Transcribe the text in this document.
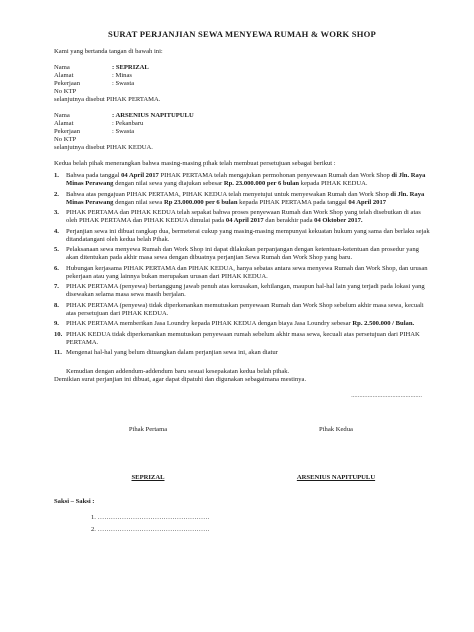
SURAT PERJANJIAN SEWA MENYEWA RUMAH & WORK SHOP

Kami yang bertanda tangan di bawah ini:

Nama	: SEPRIZAL
Alamat	: Minas
Pekerjaan	: Swasta
No KTP

selanjutnya disebut PIHAK PERTAMA.

Nama	: ARSENIUS NAPITUPULU
Alamat	: Pekanbaru
Pekerjaan	: Swasta
No KTP

selanjutnya disebut PIHAK KEDUA.

Kedua belah pihak menerangkan bahwa masing-masing pihak telah membuat persetujuan sebagai berikut :

1.	Bahwa pada tanggal 04 April 2017 PIHAK PERTAMA telah mengajukan permohonan penyewaan Rumah dan Work Shop di Jln. Raya Minas Perawang dengan nilai sewa yang diajukan sebesar Rp. 23.000.000 per 6 bulan kepada PIHAK KEDUA.
2.	Bahwa atas pengajuan PIHAK PERTAMA, PIHAK KEDUA telah menyetujui untuk menyewakan Rumah dan Work Shop di Jln. Raya Minas Perawang dengan nilai sewa Rp 23.000.000 per 6 bulan kepada PIHAK PERTAMA pada tanggal 04 April 2017
3.	PIHAK PERTAMA dan PIHAK KEDUA telah sepakat bahwa proses penyewaan Rumah dan Work Shop yang telah disebutkan di atas oleh PIHAK PERTAMA dan PIHAK KEDUA dimulai pada 04 April 2017 dan berakhir pada 04 Oktober 2017.
4.	Perjanjian sewa ini dibuat rangkap dua, bermeterai cukup yang masing-masing mempunyai kekuatan hukum yang sama dan berlaku sejak ditandatangani oleh kedua belah Pihak.
5.	Pelaksanaan sewa menyewa Rumah dan Work Shop ini dapat dilakukan perpanjangan dengan ketentuan-ketentuan dan prosedur yang akan ditentukan pada akhir masa sewa dengan dibuatnya perjanjian Sewa Rumah dan Work Shop yang baru.
6.	Hubungan kerjasama PIHAK PERTAMA dan PIHAK KEDUA, hanya sebatas antara sewa menyewa Rumah dan Work Shop, dan urusan pekerjaan atau yang lainnya bukan merupakan urusan dari PIHAK KEDUA.
7.	PIHAK PERTAMA (penyewa) bertanggung jawab penuh atas kerusakan, kehilangan, maupun hal-hal lain yang terjadi pada lokasi yang disewakan selama masa sewa masih berjalan.
8.	PIHAK PERTAMA (penyewa) tidak diperkenankan memutuskan penyewaan Rumah dan Work Shop sebelum akhir masa sewa, kecuali atas persetujuan dari PIHAK KEDUA.
9.	PIHAK PERTAMA memberikan Jasa Loundry kepada PIHAK KEDUA dengan biaya Jasa Loundry sebesar Rp. 2.500.000 / Bulan.
10. PIHAK KEDUA tidak diperkenankan memutuskan penyewaan rumah sebelum akhir masa sewa, kecuali atas persetujuan dari PIHAK PERTAMA.
11. Mengenai hal-hal yang belum dituangkan dalam perjanjian sewa ini, akan diatur

Kemudian dengan addendum-addendum baru sesuai kesepakatan kedua belah pihak.

Demikian surat perjanjian ini dibuat, agar dapat dipatuhi dan digunakan sebagaimana mestinya.

...........................................
Pihak Pertama
SEPRIZAL
Pihak Kedua
ARSENIUS NAPITUPULU
Saksi – Saksi :
1. ……………………………………………
2. ……………………………………………
